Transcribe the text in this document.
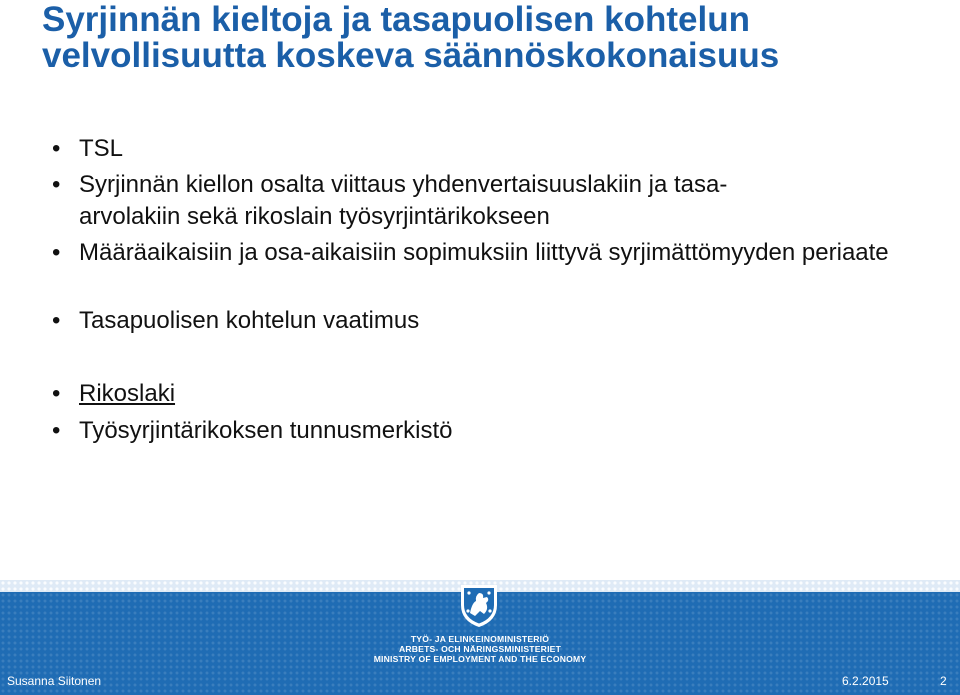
Syrjinnän kieltoja ja tasapuolisen kohtelun velvollisuutta koskeva säännöskokonaisuus
• TSL
• Syrjinnän kiellon osalta viittaus yhdenvertaisuuslakiin ja tasa-arvolakiin sekä rikoslain työsyrjintärikokseen
• Määräaikaisiin ja osa-aikaisiin sopimuksiin liittyvä syrjimättömyyden periaate
• Tasapuolisen kohtelun vaatimus
• Rikoslaki
• Työsyrjintärikoksen tunnusmerkistö
TYÖ- JA ELINKEINOMINISTERIÖ
ARBETS- OCH NÄRINGSMINISTERIET
MINISTRY OF EMPLOYMENT AND THE ECONOMY
Susanna Siitonen	6.2.2015	2
